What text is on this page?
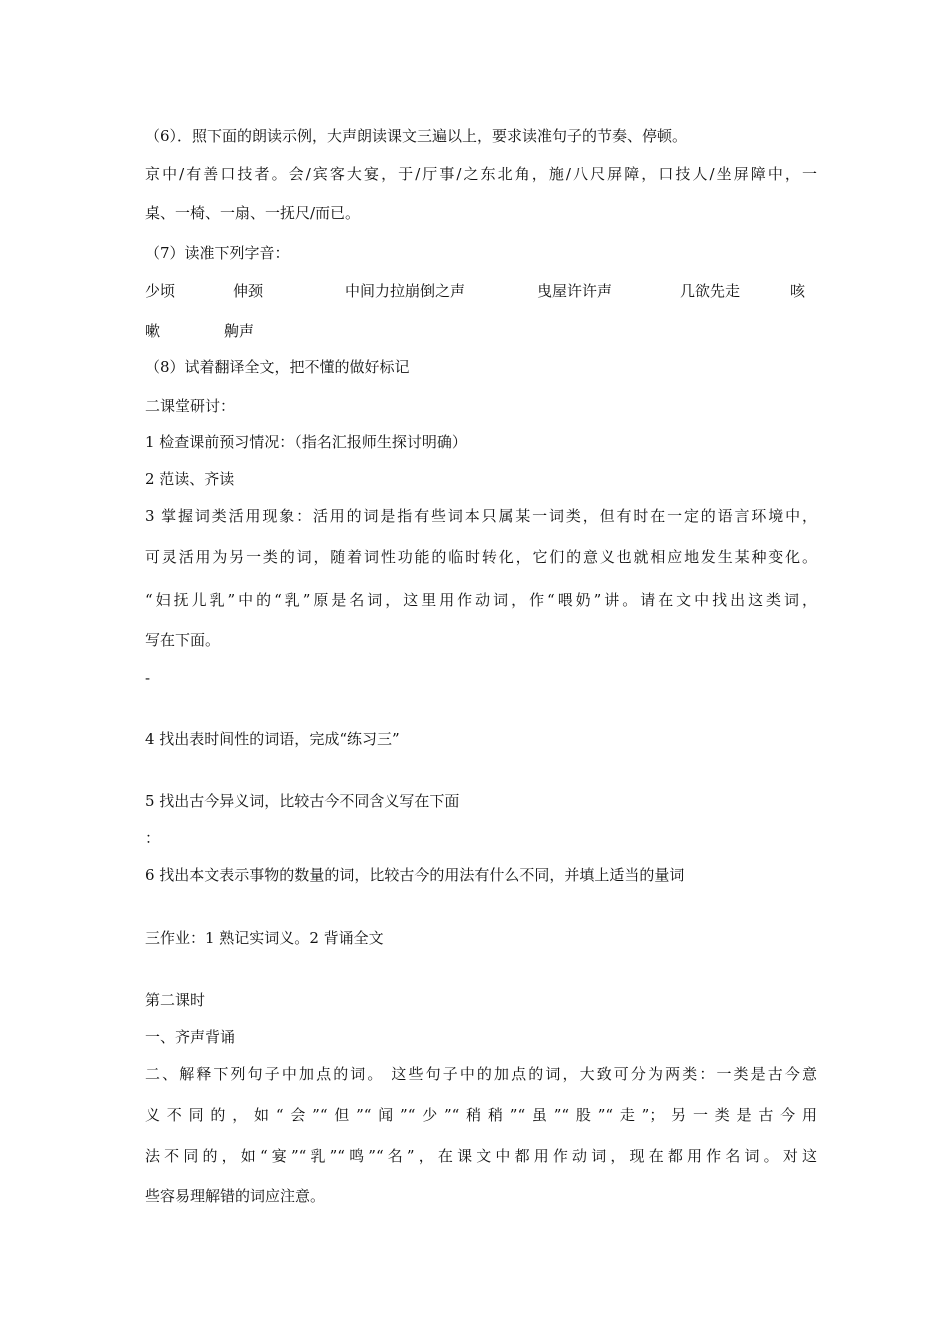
（6）．照下面的朗读示例，大声朗读课文三遍以上，要求读准句子的节奏、停顿。
京中/有善口技者。会/宾客大宴，于/厅事/之东北角，施/八尺屏障，口技人/坐屏障中，一
桌、一椅、一扇、一抚尺/而已。
（7）读准下列字音：
少顷	伸颈	中间力拉崩倒之声	曳屋许许声	几欲先走	咳
嗽	齁声
（8）试着翻译全文，把不懂的做好标记
二课堂研讨：
1 检查课前预习情况：（指名汇报师生探讨明确）
2 范读、齐读
3 掌握词类活用现象：活用的词是指有些词本只属某一词类，但有时在一定的语言环境中，
可灵活用为另一类的词，随着词性功能的临时转化，它们的意义也就相应地发生某种变化。
“妇抚儿乳”中的“乳”原是名词，这里用作动词，作“喂奶”讲。请在文中找出这类词，
写在下面。
-
4 找出表时间性的词语，完成“练习三”
5 找出古今异义词，比较古今不同含义写在下面
：
6 找出本文表示事物的数量的词，比较古今的用法有什么不同，并填上适当的量词
三作业：1 熟记实词义。2 背诵全文
第二课时
一、齐声背诵
二、解释下列句子中加点的词。 这些句子中的加点的词，大致可分为两类：一类是古今意
义不同的，如“会”“但”“闻”“少”“稍稍”“虽”“股”“走”；另一类是古今用
法不同的，如“宴”“乳”“鸣”“名”，在课文中都用作动词，现在都用作名词。对这
些容易理解错的词应注意。
